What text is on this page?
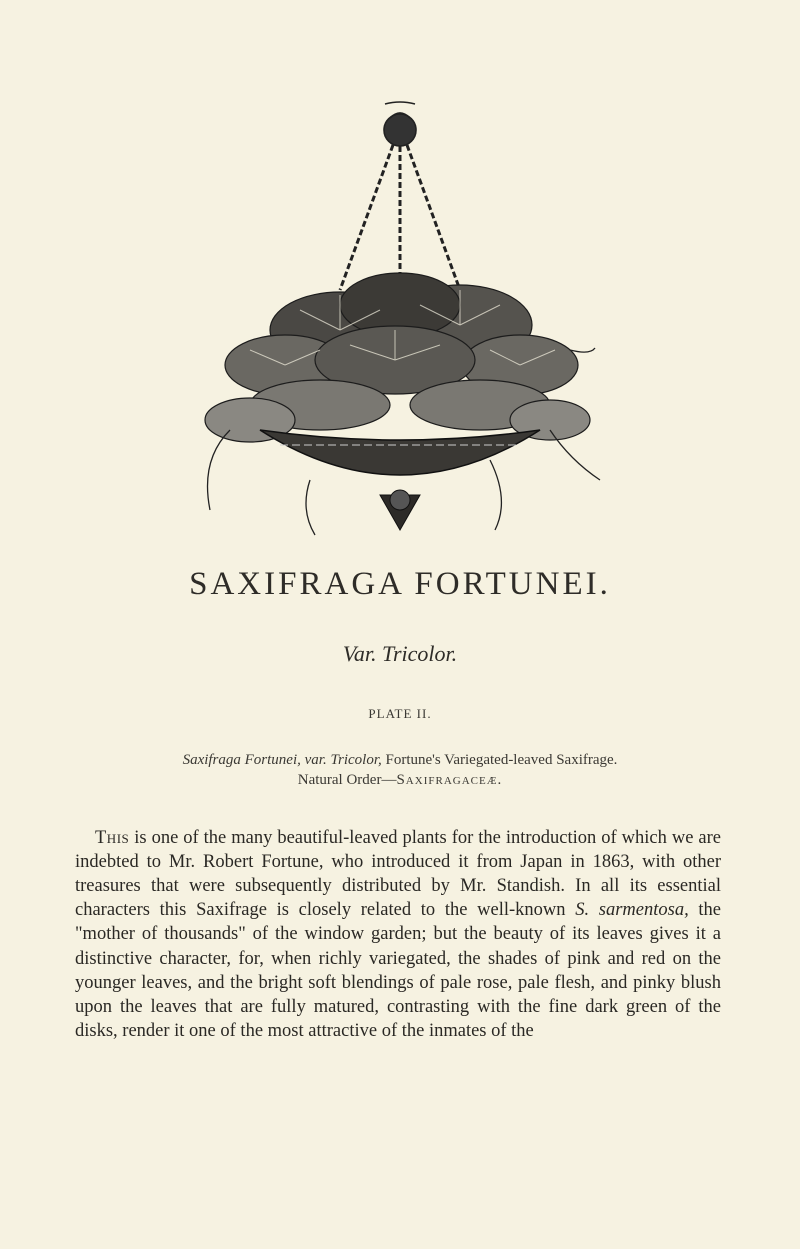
SAXIFRAGA FORTUNEI.
Var. Tricolor.
PLATE II.
Saxifraga Fortunei, var. Tricolor, Fortune's Variegated-leaved Saxifrage.
Natural Order—Saxifragaceæ.

This is one of the many beautiful-leaved plants for the introduction of which we are indebted to Mr. Robert Fortune, who introduced it from Japan in 1863, with other treasures that were subsequently distributed by Mr. Standish. In all its essential characters this Saxifrage is closely related to the well-known S. sarmentosa, the "mother of thousands" of the window garden; but the beauty of its leaves gives it a distinctive character, for, when richly variegated, the shades of pink and red on the younger leaves, and the bright soft blendings of pale rose, pale flesh, and pinky blush upon the leaves that are fully matured, contrasting with the fine dark green of the disks, render it one of the most attractive of the inmates of the
